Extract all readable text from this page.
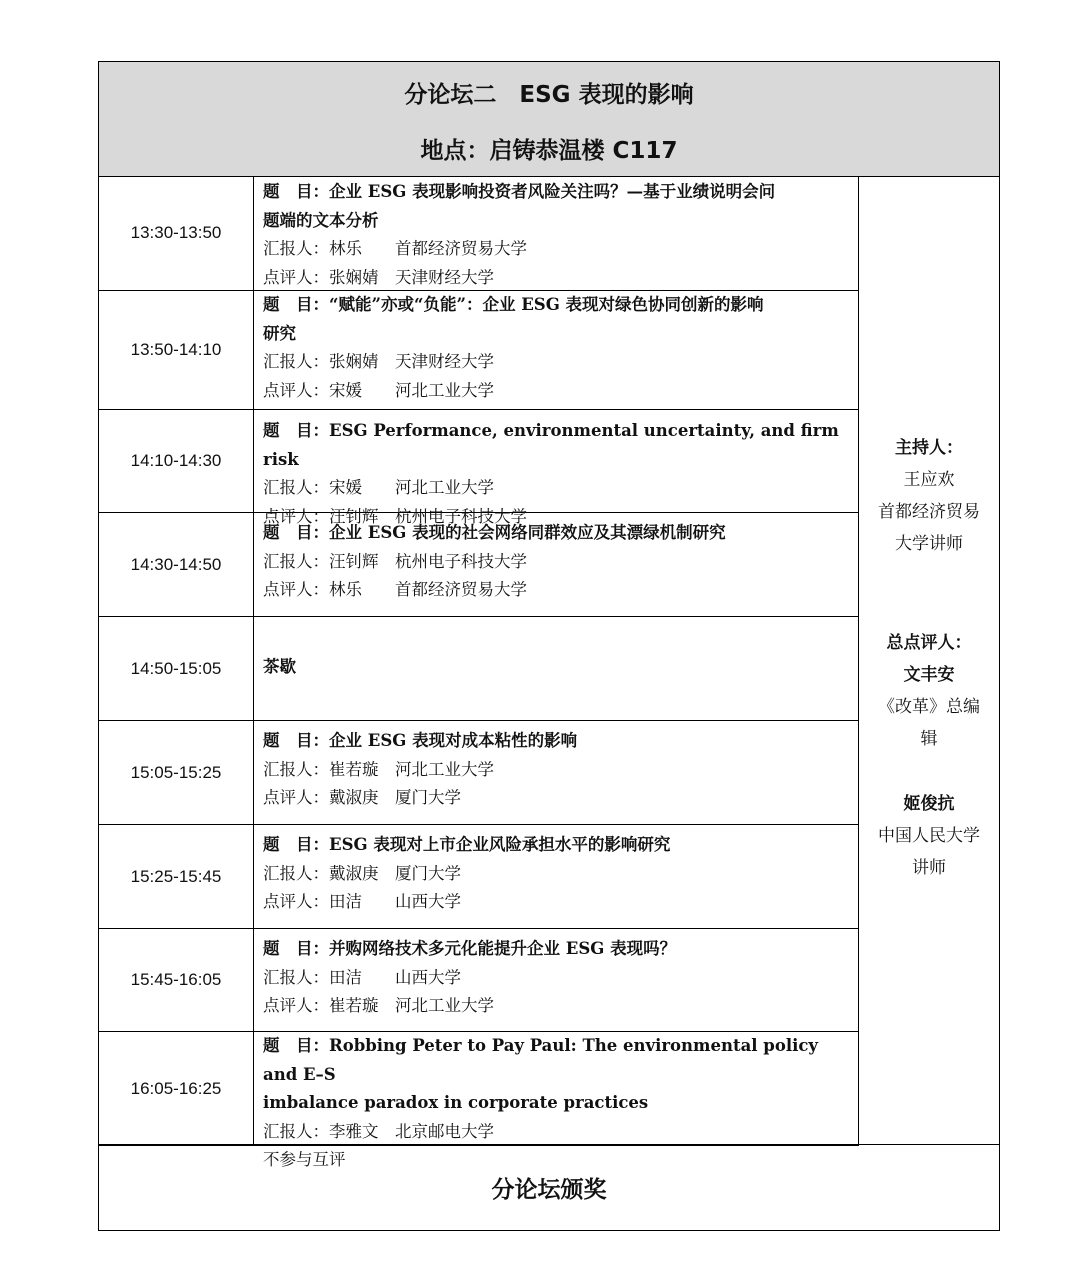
分论坛二　ESG 表现的影响
地点：启铸恭温楼 C117
13:30-13:50
题　目：企业 ESG 表现影响投资者风险关注吗？—基于业绩说明会问
题端的文本分析
汇报人：林乐　　首都经济贸易大学
点评人：张娴婧　天津财经大学
13:50-14:10
题　目：“赋能”亦或“负能”：企业 ESG 表现对绿色协同创新的影响
研究
汇报人：张娴婧　天津财经大学
点评人：宋媛　　河北工业大学
14:10-14:30
题　目：ESG Performance, environmental uncertainty, and firm risk
汇报人：宋媛　　河北工业大学
点评人：汪钊辉　杭州电子科技大学
14:30-14:50
题　目：企业 ESG 表现的社会网络同群效应及其漂绿机制研究
汇报人：汪钊辉　杭州电子科技大学
点评人：林乐　　首都经济贸易大学
14:50-15:05	茶歇
15:05-15:25
题　目：企业 ESG 表现对成本粘性的影响
汇报人：崔若璇　河北工业大学
点评人：戴淑庚　厦门大学
15:25-15:45
题　目：ESG 表现对上市企业风险承担水平的影响研究
汇报人：戴淑庚　厦门大学
点评人：田洁　　山西大学
15:45-16:05
题　目：并购网络技术多元化能提升企业 ESG 表现吗？
汇报人：田洁　　山西大学
点评人：崔若璇　河北工业大学
16:05-16:25
题　目：Robbing Peter to Pay Paul: The environmental policy and E–S
imbalance paradox in corporate practices
汇报人：李雅文　北京邮电大学
不参与互评
主持人：
王应欢
首都经济贸易
大学讲师
总点评人：
文丰安
《改革》总编
辑
姬俊抗
中国人民大学
讲师
分论坛颁奖
